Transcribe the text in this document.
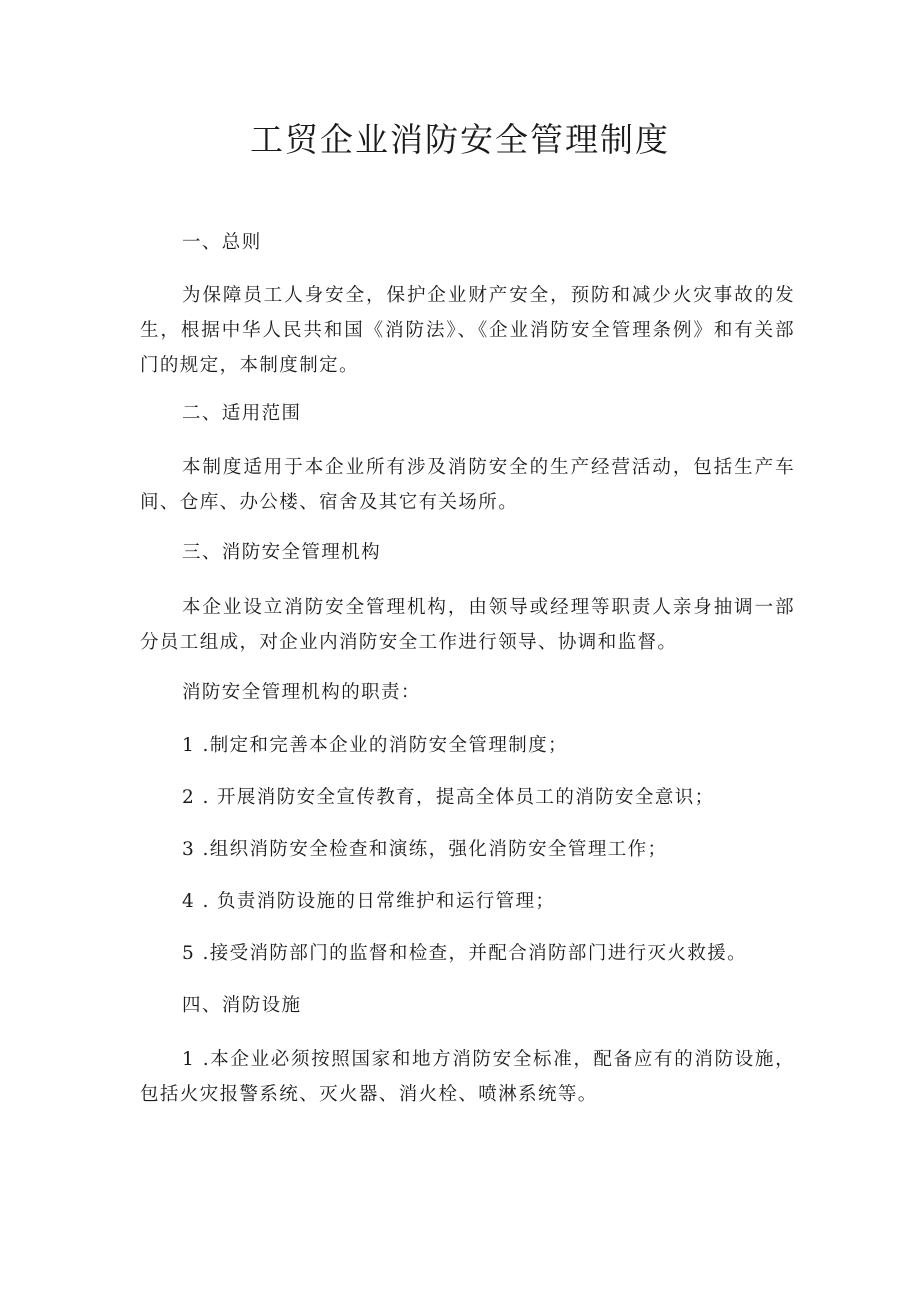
工贸企业消防安全管理制度

一、总则

为保障员工人身安全，保护企业财产安全，预防和减少火灾事故的发生，根据中华人民共和国《消防法》、《企业消防安全管理条例》和有关部门的规定，本制度制定。

二、适用范围

本制度适用于本企业所有涉及消防安全的生产经营活动，包括生产车间、仓库、办公楼、宿舍及其它有关场所。

三、消防安全管理机构

本企业设立消防安全管理机构，由领导或经理等职责人亲身抽调一部分员工组成，对企业内消防安全工作进行领导、协调和监督。

消防安全管理机构的职责：

1 .制定和完善本企业的消防安全管理制度；

2 . 开展消防安全宣传教育，提高全体员工的消防安全意识；

3 .组织消防安全检查和演练，强化消防安全管理工作；

4 . 负责消防设施的日常维护和运行管理；

5 .接受消防部门的监督和检查，并配合消防部门进行灭火救援。

四、消防设施

1 .本企业必须按照国家和地方消防安全标准，配备应有的消防设施，包括火灾报警系统、灭火器、消火栓、喷淋系统等。
